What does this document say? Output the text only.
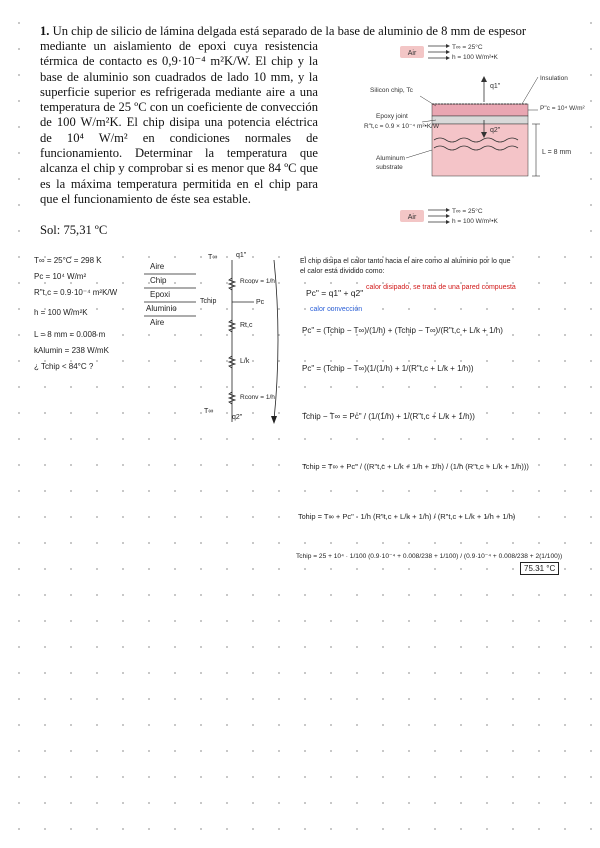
1. Un chip de silicio de lámina delgada está separado de la base de aluminio de 8 mm de espesor
mediante un aislamiento de epoxi cuya resistencia térmica de contacto es 0,9·10⁻⁴ m²K/W. El chip y la base de aluminio son cuadrados de lado 10 mm, y la superficie superior es refrigerada mediante aire a una temperatura de 25 ºC con un coeficiente de convección de 100 W/m²K. El chip disipa una potencia eléctrica de 10⁴ W/m² en condiciones normales de funcionamiento. Determinar la temperatura que alcanza el chip y comprobar si es menor que 84 ºC que es la máxima temperatura permitida en el chip para que el funcionamiento de éste sea estable.
Sol: 75,31 ºC
Air
T∞ = 25°C
h = 100 W/m²•K
q1"
Insulation
q2"
Silicon chip, Tc
P"c = 10⁴ W/m²
Epoxy joint
R"t,c = 0.9 × 10⁻⁴ m²•K/W
Aluminum
substrate
L = 8 mm
Air
T∞ = 25°C
h = 100 W/m²•K
T∞ = 25°C = 298 K
Pc = 10⁴ W/m²
R"t,c = 0.9·10⁻⁴ m²K/W
h = 100 W/m²K
L = 8 mm = 0.008 m
kAlumin = 238 W/mK
¿ Tchip < 84°C ?
Aire
Chip
Epoxi
Aluminio
Aire
T∞	q1"
Rconv = 1/h
Tchip	Pc
Rt,c
L/k
T∞
Rconv = 1/h
q2"
El chip disipa el calor tanto hacia el aire como al aluminio por lo que
el calor está dividido como:
Pc" = q1" + q2"
calor disipado, se trata de una pared compuesta
calor convección
Pc" = (Tchip − T∞)/(1/h) + (Tchip − T∞)/(R"t,c + L/k + 1/h)
Pc" = (Tchip − T∞)(1/(1/h) + 1/(R"t,c + L/k + 1/h))
Tchip − T∞ = Pc" / (1/(1/h) + 1/(R"t,c + L/k + 1/h))
Tchip = T∞ + Pc" / ((R"t,c + L/k + 1/h + 1/h) / (1/h (R"t,c + L/k + 1/h)))
Tchip = T∞ + Pc" · 1/h (R"t,c + L/k + 1/h) / (R"t,c + L/k + 1/h + 1/h)
Tchip = 25 + 10⁴ · 1/100 (0.9·10⁻⁴ + 0.008/238 + 1/100) / (0.9·10⁻⁴ + 0.008/238 + 2(1/100))
75.31 °C
